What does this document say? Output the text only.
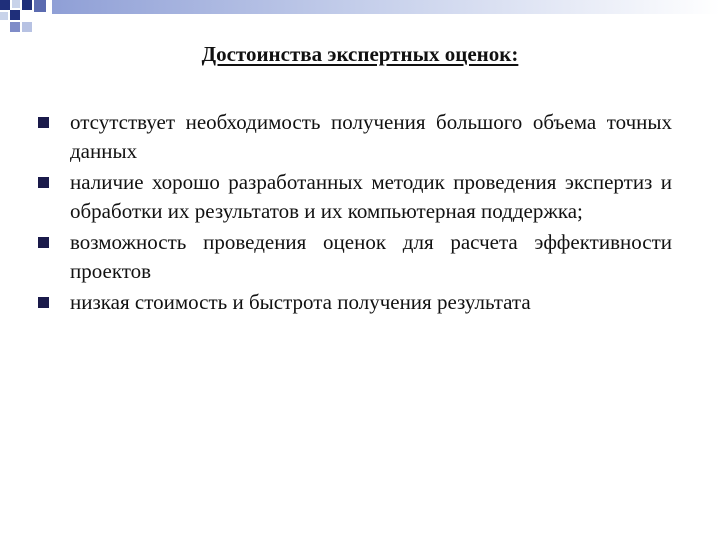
Достоинства экспертных оценок:
отсутствует необходимость получения большого объема точных данных
наличие хорошо разработанных методик проведения экспертиз и обработки их результатов и их компьютерная поддержка;
возможность проведения оценок для расчета эффективности проектов
низкая стоимость и быстрота получения результата
